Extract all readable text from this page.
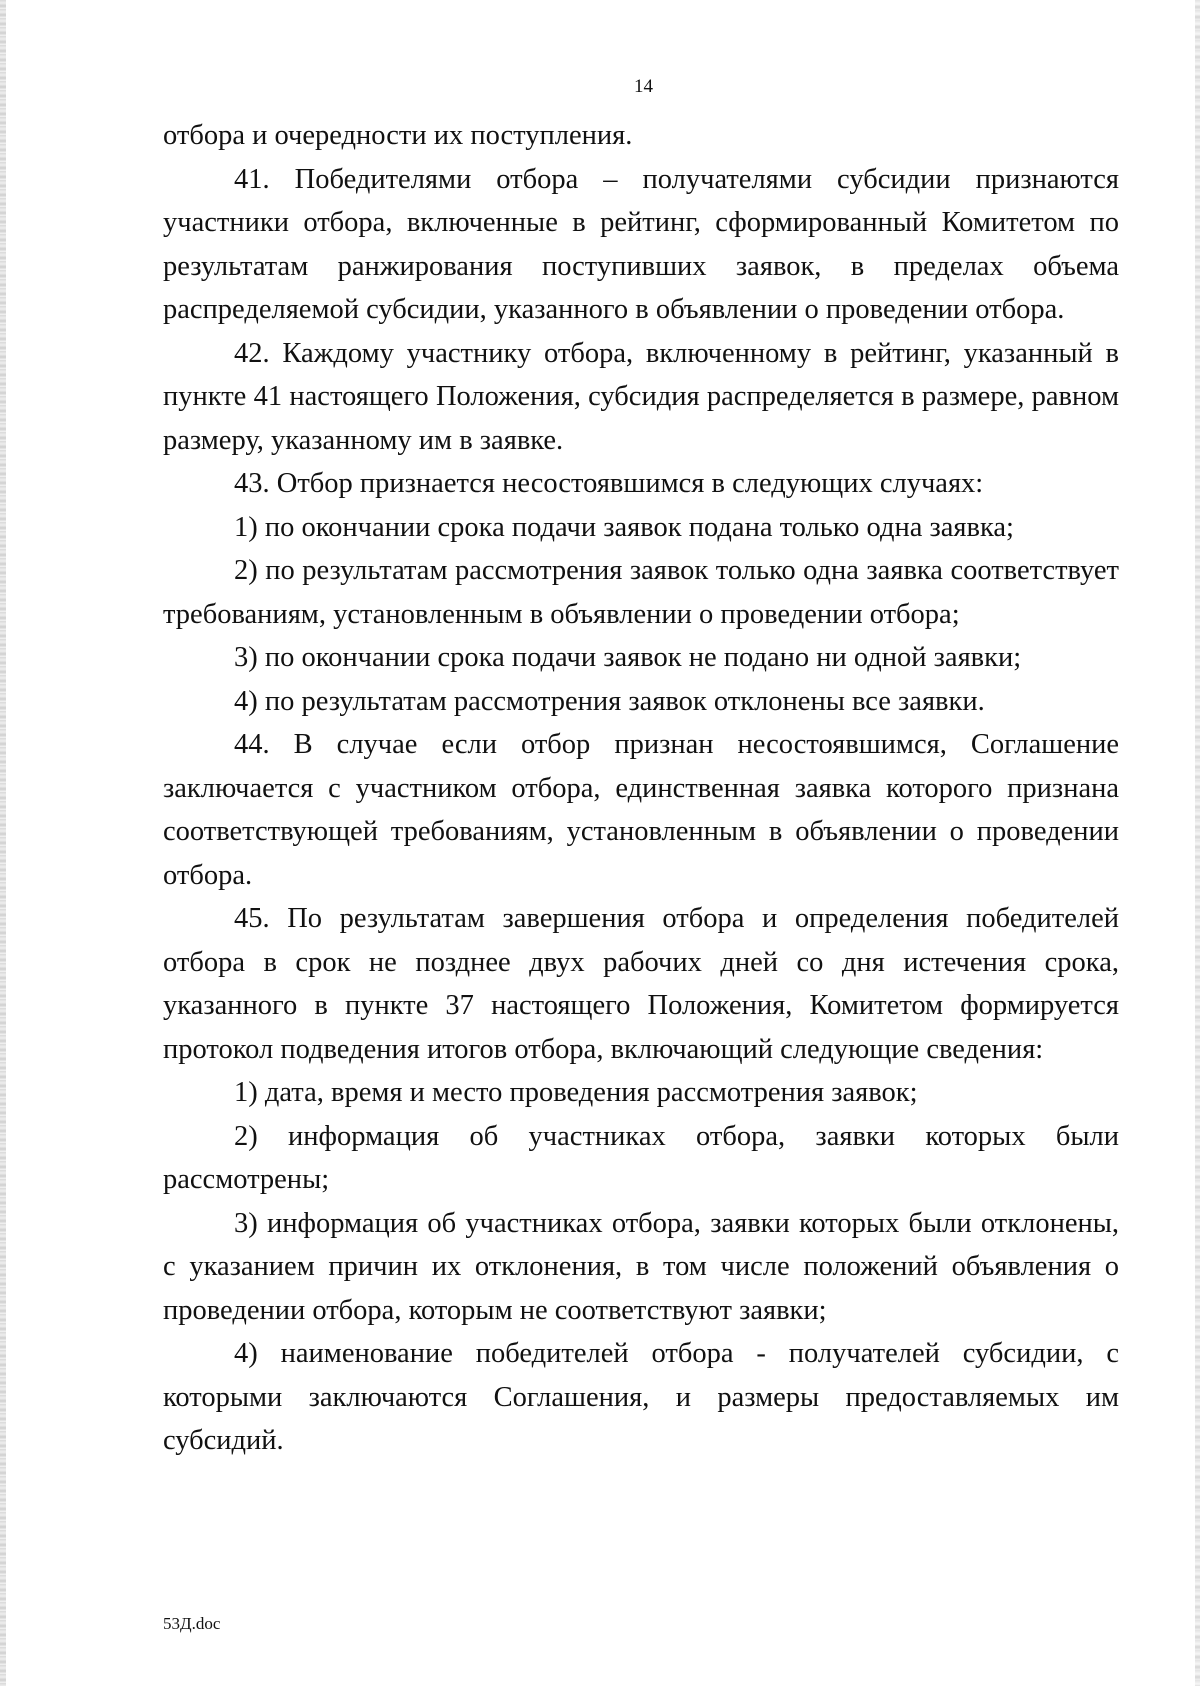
14

отбора и очередности их поступления.

41. Победителями отбора – получателями субсидии признаются участники отбора, включенные в рейтинг, сформированный Комитетом по результатам ранжирования поступивших заявок, в пределах объема распределяемой субсидии, указанного в объявлении о проведении отбора.

42. Каждому участнику отбора, включенному в рейтинг, указанный в пункте 41 настоящего Положения, субсидия распределяется в размере, равном размеру, указанному им в заявке.

43. Отбор признается несостоявшимся в следующих случаях:

1) по окончании срока подачи заявок подана только одна заявка;

2) по результатам рассмотрения заявок только одна заявка соответствует требованиям, установленным в объявлении о проведении отбора;

3) по окончании срока подачи заявок не подано ни одной заявки;

4) по результатам рассмотрения заявок отклонены все заявки.

44. В случае если отбор признан несостоявшимся, Соглашение заключается с участником отбора, единственная заявка которого признана соответствующей требованиям, установленным в объявлении о проведении отбора.

45. По результатам завершения отбора и определения победителей отбора в срок не позднее двух рабочих дней со дня истечения срока, указанного в пункте 37 настоящего Положения, Комитетом формируется протокол подведения итогов отбора, включающий следующие сведения:

1) дата, время и место проведения рассмотрения заявок;

2) информация об участниках отбора, заявки которых были рассмотрены;

3) информация об участниках отбора, заявки которых были отклонены, с указанием причин их отклонения, в том числе положений объявления о проведении отбора, которым не соответствуют заявки;

4) наименование победителей отбора - получателей субсидии, с которыми заключаются Соглашения, и размеры предоставляемых им субсидий.

53Д.doc
